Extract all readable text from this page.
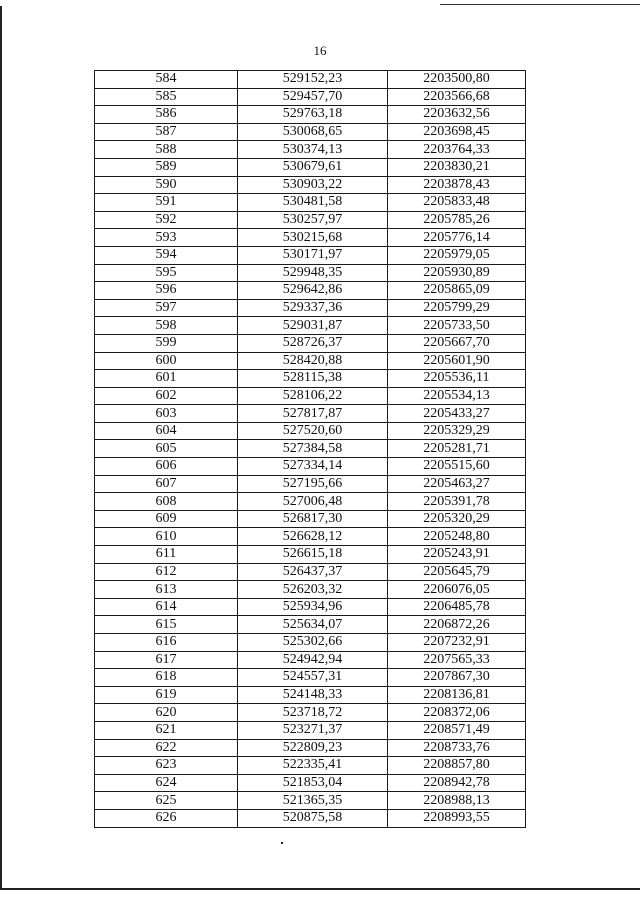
16
584	529152,23	2203500,80
585	529457,70	2203566,68
586	529763,18	2203632,56
587	530068,65	2203698,45
588	530374,13	2203764,33
589	530679,61	2203830,21
590	530903,22	2203878,43
591	530481,58	2205833,48
592	530257,97	2205785,26
593	530215,68	2205776,14
594	530171,97	2205979,05
595	529948,35	2205930,89
596	529642,86	2205865,09
597	529337,36	2205799,29
598	529031,87	2205733,50
599	528726,37	2205667,70
600	528420,88	2205601,90
601	528115,38	2205536,11
602	528106,22	2205534,13
603	527817,87	2205433,27
604	527520,60	2205329,29
605	527384,58	2205281,71
606	527334,14	2205515,60
607	527195,66	2205463,27
608	527006,48	2205391,78
609	526817,30	2205320,29
610	526628,12	2205248,80
611	526615,18	2205243,91
612	526437,37	2205645,79
613	526203,32	2206076,05
614	525934,96	2206485,78
615	525634,07	2206872,26
616	525302,66	2207232,91
617	524942,94	2207565,33
618	524557,31	2207867,30
619	524148,33	2208136,81
620	523718,72	2208372,06
621	523271,37	2208571,49
622	522809,23	2208733,76
623	522335,41	2208857,80
624	521853,04	2208942,78
625	521365,35	2208988,13
626	520875,58	2208993,55
